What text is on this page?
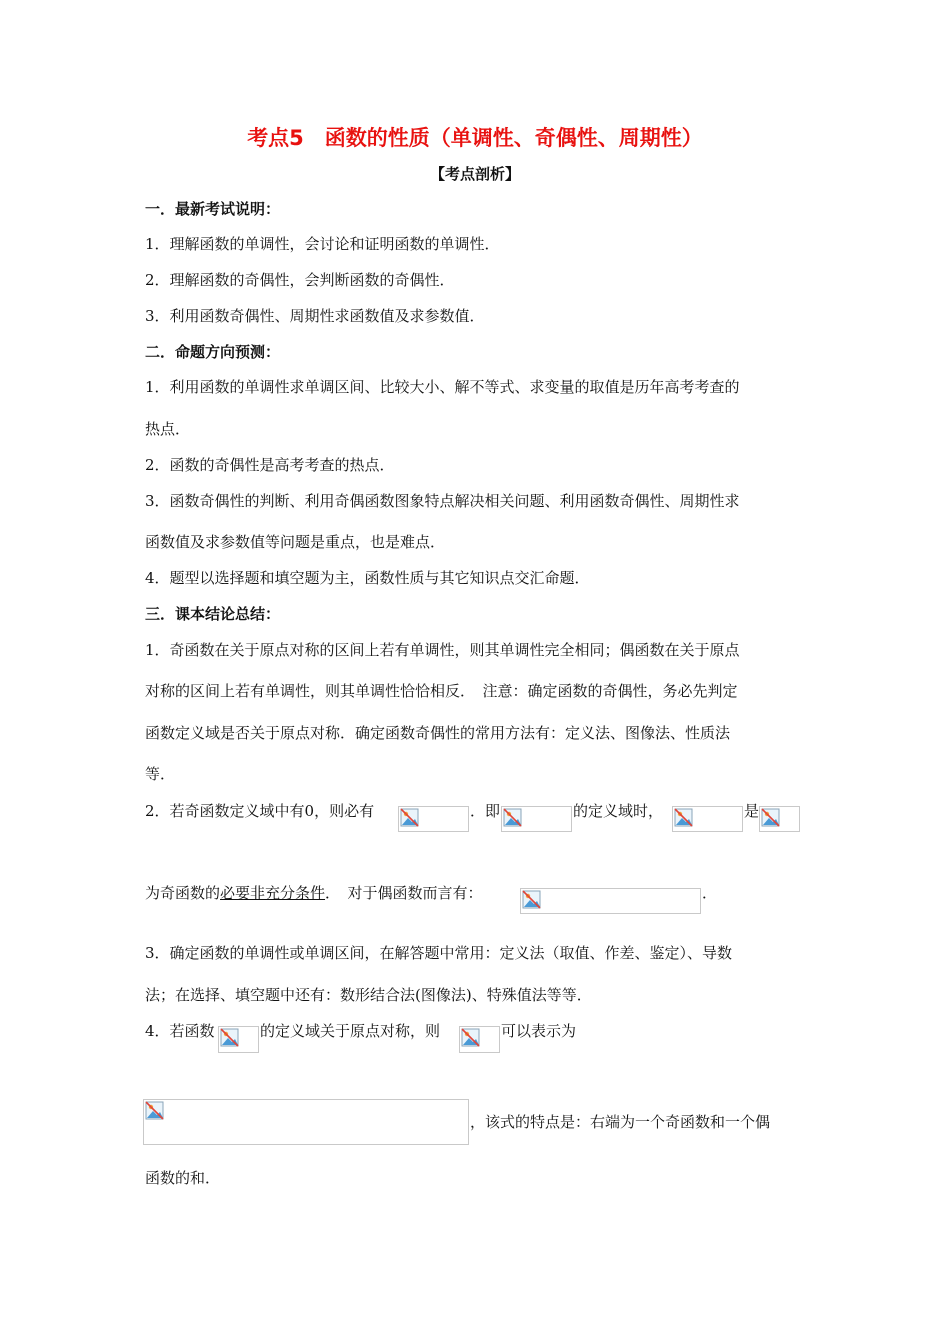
考点5　函数的性质（单调性、奇偶性、周期性）
【考点剖析】
一．最新考试说明：
1．理解函数的单调性，会讨论和证明函数的单调性．
2．理解函数的奇偶性，会判断函数的奇偶性．
3．利用函数奇偶性、周期性求函数值及求参数值．
二．命题方向预测：
1．利用函数的单调性求单调区间、比较大小、解不等式、求变量的取值是历年高考考查的
热点．
2．函数的奇偶性是高考考查的热点．
3．函数奇偶性的判断、利用奇偶函数图象特点解决相关问题、利用函数奇偶性、周期性求
函数值及求参数值等问题是重点，也是难点．
4．题型以选择题和填空题为主，函数性质与其它知识点交汇命题．
三．课本结论总结：
1．奇函数在关于原点对称的区间上若有单调性，则其单调性完全相同；偶函数在关于原点
对称的区间上若有单调性，则其单调性恰恰相反．　注意：确定函数的奇偶性，务必先判定
函数定义域是否关于原点对称．确定函数奇偶性的常用方法有：定义法、图像法、性质法
等．
2．若奇函数定义域中有0，则必有	．即	的定义域时，	是
为奇函数的必要非充分条件．　对于偶函数而言有：	．
3．确定函数的单调性或单调区间，在解答题中常用：定义法（取值、作差、鉴定）、导数
法；在选择、填空题中还有：数形结合法(图像法)、特殊值法等等．
4．若函数	的定义域关于原点对称，则	可以表示为
，该式的特点是：右端为一个奇函数和一个偶
函数的和．
